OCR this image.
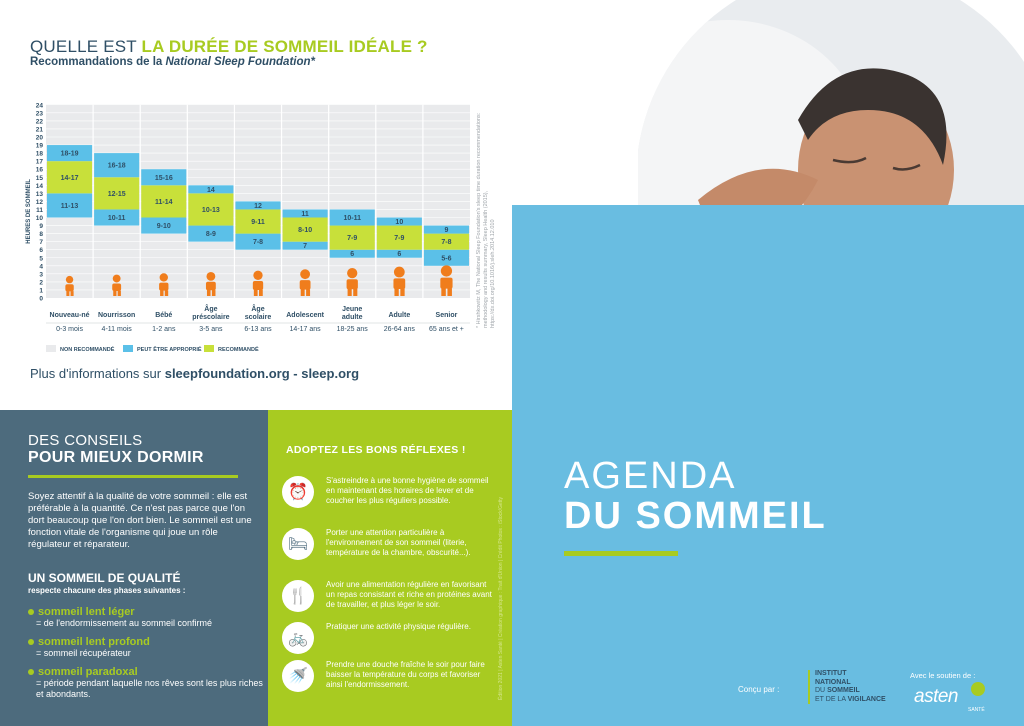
QUELLE EST LA DURÉE DE SOMMEIL IDÉALE ?
Recommandations de la National Sleep Foundation*
0
1
2
3
4
5
6
7
8
9
10
11
12
13
14
15
16
17
18
19
20
21
22
23
24
HEURES DE SOMMEIL
18-19
14-17
11-13
Nouveau-né
0-3 mois
16-18
12-15
10-11
Nourrisson
4-11 mois
15-16
11-14
9-10
Bébé
1-2 ans
14
10-13
8-9
Âge
préscolaire
3-5 ans
12
9-11
7-8
Âge
scolaire
6-13 ans
11
8-10
7
Adolescent
14-17 ans
10-11
7-9
6
Jeune
adulte
18-25 ans
10
7-9
6
Adulte
26-64 ans
9
7-8
5-6
Senior
65 ans et +
NON RECOMMANDÉ	PEUT ÊTRE APPROPRIÉ	RECOMMANDÉ
* Hirshkowitz M, The National Sleep Foundation's sleep time duration recommendations: methodology and results summary, Sleep Health (2015), https://dx.doi.org/10.1016/j.sleh.2014.12.010
Plus d'informations sur sleepfoundation.org - sleep.org
DES CONSEILS
POUR MIEUX DORMIR
Soyez attentif à la qualité de votre sommeil : elle est préférable à la quantité. Ce n'est pas parce que l'on dort beaucoup que l'on dort bien. Le sommeil est une fonction vitale de l'organisme qui joue un rôle régulateur et réparateur.
UN SOMMEIL DE QUALITÉ
respecte chacune des phases suivantes :
sommeil lent léger
= de l'endormissement au sommeil confirmé
sommeil lent profond
= sommeil récupérateur
sommeil paradoxal
= période pendant laquelle nos rêves sont les plus riches et abondants.
ADOPTEZ LES BONS RÉFLEXES !
⏰
S'astreindre à une bonne hygiène de sommeil en maintenant des horaires de lever et de coucher les plus réguliers possible.
🛏
Porter une attention particulière à l'environnement de son sommeil (literie, température de la chambre, obscurité...).
🍴
Avoir une alimentation régulière en favorisant un repas consistant et riche en protéines avant de travailler, et plus léger le soir.
🚲
Pratiquer une activité physique régulière.
🚿
Prendre une douche fraîche le soir pour faire baisser la température du corps et favoriser ainsi l'endormissement.	Édition 2021 | Asten Santé | Création graphique : Trait d'Union | Crédit Photos : iStock/Getty
AGENDA
DU SOMMEIL
Conçu par :
INSTITUT
NATIONAL
DU SOMMEIL
ET DE LA VIGILANCE
Avec le soutien de :
asten
SANTÉ
